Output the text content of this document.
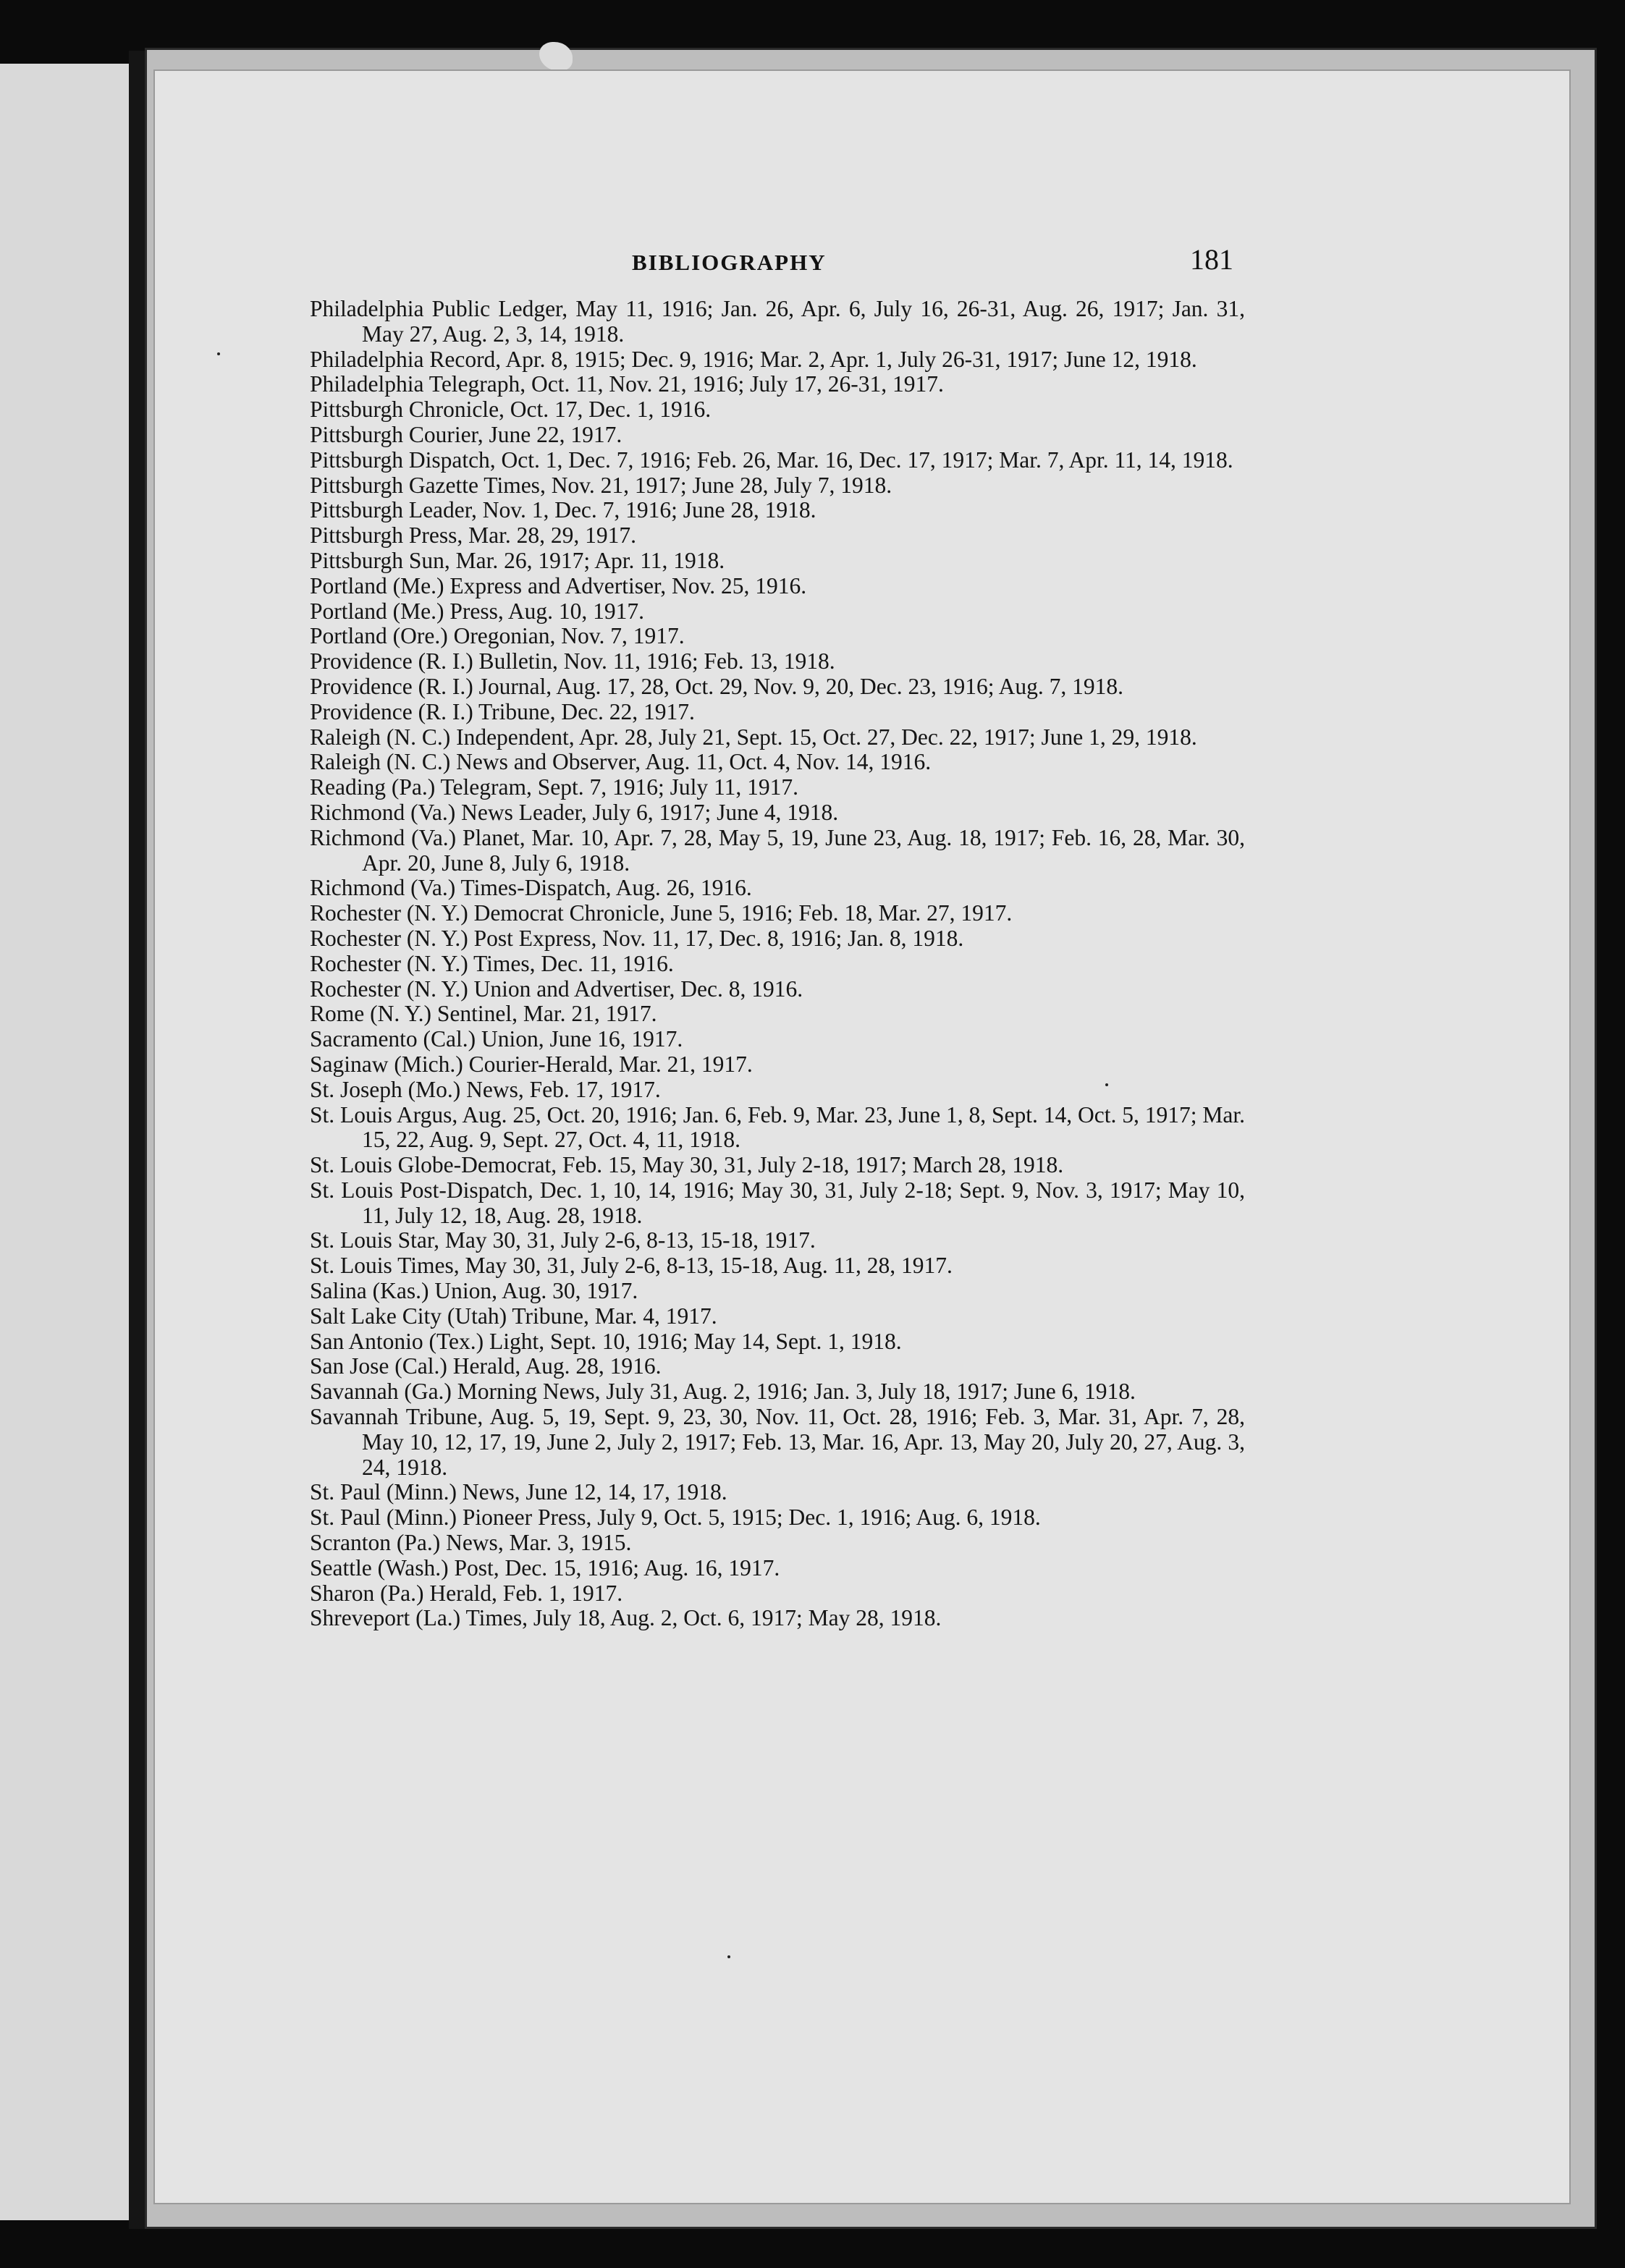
BIBLIOGRAPHY	181
Philadelphia Public Ledger, May 11, 1916; Jan. 26, Apr. 6, July 16, 26-31, Aug. 26, 1917; Jan. 31, May 27, Aug. 2, 3, 14, 1918.
Philadelphia Record, Apr. 8, 1915; Dec. 9, 1916; Mar. 2, Apr. 1, July 26-31, 1917; June 12, 1918.
Philadelphia Telegraph, Oct. 11, Nov. 21, 1916; July 17, 26-31, 1917.
Pittsburgh Chronicle, Oct. 17, Dec. 1, 1916.
Pittsburgh Courier, June 22, 1917.
Pittsburgh Dispatch, Oct. 1, Dec. 7, 1916; Feb. 26, Mar. 16, Dec. 17, 1917; Mar. 7, Apr. 11, 14, 1918.
Pittsburgh Gazette Times, Nov. 21, 1917; June 28, July 7, 1918.
Pittsburgh Leader, Nov. 1, Dec. 7, 1916; June 28, 1918.
Pittsburgh Press, Mar. 28, 29, 1917.
Pittsburgh Sun, Mar. 26, 1917; Apr. 11, 1918.
Portland (Me.) Express and Advertiser, Nov. 25, 1916.
Portland (Me.) Press, Aug. 10, 1917.
Portland (Ore.) Oregonian, Nov. 7, 1917.
Providence (R. I.) Bulletin, Nov. 11, 1916; Feb. 13, 1918.
Providence (R. I.) Journal, Aug. 17, 28, Oct. 29, Nov. 9, 20, Dec. 23, 1916; Aug. 7, 1918.
Providence (R. I.) Tribune, Dec. 22, 1917.
Raleigh (N. C.) Independent, Apr. 28, July 21, Sept. 15, Oct. 27, Dec. 22, 1917; June 1, 29, 1918.
Raleigh (N. C.) News and Observer, Aug. 11, Oct. 4, Nov. 14, 1916.
Reading (Pa.) Telegram, Sept. 7, 1916; July 11, 1917.
Richmond (Va.) News Leader, July 6, 1917; June 4, 1918.
Richmond (Va.) Planet, Mar. 10, Apr. 7, 28, May 5, 19, June 23, Aug. 18, 1917; Feb. 16, 28, Mar. 30, Apr. 20, June 8, July 6, 1918.
Richmond (Va.) Times-Dispatch, Aug. 26, 1916.
Rochester (N. Y.) Democrat Chronicle, June 5, 1916; Feb. 18, Mar. 27, 1917.
Rochester (N. Y.) Post Express, Nov. 11, 17, Dec. 8, 1916; Jan. 8, 1918.
Rochester (N. Y.) Times, Dec. 11, 1916.
Rochester (N. Y.) Union and Advertiser, Dec. 8, 1916.
Rome (N. Y.) Sentinel, Mar. 21, 1917.
Sacramento (Cal.) Union, June 16, 1917.
Saginaw (Mich.) Courier-Herald, Mar. 21, 1917.
St. Joseph (Mo.) News, Feb. 17, 1917.
St. Louis Argus, Aug. 25, Oct. 20, 1916; Jan. 6, Feb. 9, Mar. 23, June 1, 8, Sept. 14, Oct. 5, 1917; Mar. 15, 22, Aug. 9, Sept. 27, Oct. 4, 11, 1918.
St. Louis Globe-Democrat, Feb. 15, May 30, 31, July 2-18, 1917; March 28, 1918.
St. Louis Post-Dispatch, Dec. 1, 10, 14, 1916; May 30, 31, July 2-18; Sept. 9, Nov. 3, 1917; May 10, 11, July 12, 18, Aug. 28, 1918.
St. Louis Star, May 30, 31, July 2-6, 8-13, 15-18, 1917.
St. Louis Times, May 30, 31, July 2-6, 8-13, 15-18, Aug. 11, 28, 1917.
Salina (Kas.) Union, Aug. 30, 1917.
Salt Lake City (Utah) Tribune, Mar. 4, 1917.
San Antonio (Tex.) Light, Sept. 10, 1916; May 14, Sept. 1, 1918.
San Jose (Cal.) Herald, Aug. 28, 1916.
Savannah (Ga.) Morning News, July 31, Aug. 2, 1916; Jan. 3, July 18, 1917; June 6, 1918.
Savannah Tribune, Aug. 5, 19, Sept. 9, 23, 30, Nov. 11, Oct. 28, 1916; Feb. 3, Mar. 31, Apr. 7, 28, May 10, 12, 17, 19, June 2, July 2, 1917; Feb. 13, Mar. 16, Apr. 13, May 20, July 20, 27, Aug. 3, 24, 1918.
St. Paul (Minn.) News, June 12, 14, 17, 1918.
St. Paul (Minn.) Pioneer Press, July 9, Oct. 5, 1915; Dec. 1, 1916; Aug. 6, 1918.
Scranton (Pa.) News, Mar. 3, 1915.
Seattle (Wash.) Post, Dec. 15, 1916; Aug. 16, 1917.
Sharon (Pa.) Herald, Feb. 1, 1917.
Shreveport (La.) Times, July 18, Aug. 2, Oct. 6, 1917; May 28, 1918.
